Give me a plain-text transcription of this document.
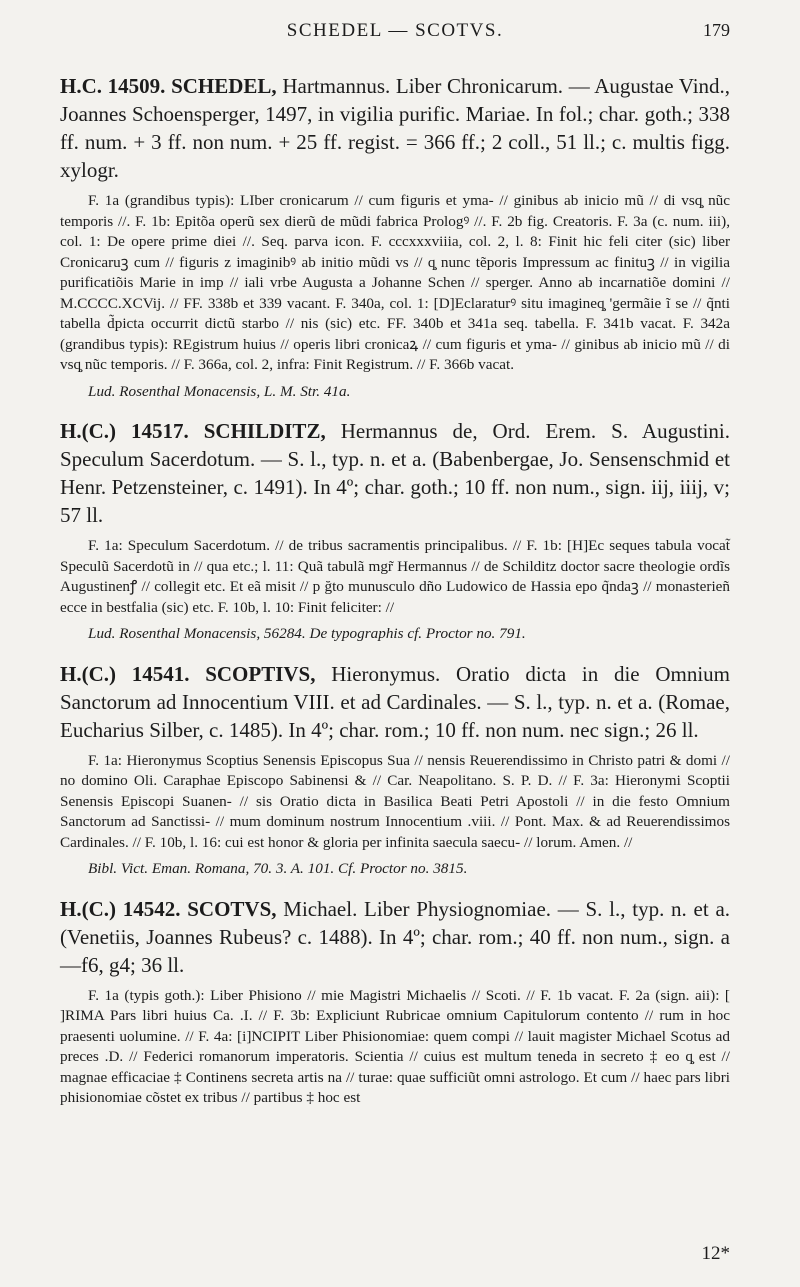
SCHEDEL — SCOTVS.	179

H.C. 14509. SCHEDEL, Hartmannus. Liber Chronicarum. — Augustae Vind., Joannes Schoensperger, 1497, in vigilia purific. Mariae. In fol.; char. goth.; 338 ff. num. + 3 ff. non num. + 25 ff. regist. = 366 ff.; 2 coll., 51 ll.; c. multis figg. xylogr.

F. 1a (grandibus typis): LIber cronicarum // cum figuris et yma- // ginibus ab inicio mũ // di vsq̧ nũc temporis //. F. 1b: Epitõa operũ sex dierũ de mũdi fabrica Prologꝰ //. F. 2b fig. Creatoris. F. 3a (c. num. iii), col. 1: De opere prime diei //. Seq. parva icon. F. cccxxxviiia, col. 2, l. 8: Finit hic feli citer (sic) liber Cronicaruꝫ cum // figuris z imaginibꝰ ab initio mũdi vs // q̧ nunc tẽporis Impressum ac finituꝫ // in vigilia purificatiõis Marie in imp // iali vrbe Augusta a Johanne Schen // sperger. Anno ab incarnatiõe domini // M.CCCC.XCVij. // FF. 338b et 339 vacant. F. 340a, col. 1: [D]Eclaraturꝰ situ imagineq̧ 'germãie ĩ se // q̃nti tabella d̃picta occurrit dictũ starbo // nis (sic) etc. FF. 340b et 341a seq. tabella. F. 341b vacat. F. 342a (grandibus typis): REgistrum huius // operis libri cronicaꝝ // cum figuris et yma- // ginibus ab inicio mũ // di vsq̧ nũc temporis. // F. 366a, col. 2, infra: Finit Registrum. // F. 366b vacat.

Lud. Rosenthal Monacensis, L. M. Str. 41a.

H.(C.) 14517. SCHILDITZ, Hermannus de, Ord. Erem. S. Augustini. Speculum Sacerdotum. — S. l., typ. n. et a. (Babenbergae, Jo. Sensenschmid et Henr. Petzensteiner, c. 1491). In 4º; char. goth.; 10 ff. non num., sign. iij, iiij, v; 57 ll.

F. 1a: Speculum Sacerdotum. // de tribus sacramentis principalibus. // F. 1b: [H]Ec seques tabula vocat̃ Speculũ Sacerdotũ in // qua etc.; l. 11: Quã tabulã mgr̃ Hermannus // de Schilditz doctor sacre theologie ordĩs Augustinenꝭ // collegit etc. Et eã misit // p ğto munusculo dño Ludowico de Hassia epo q̃ndaꝫ // monasterieñ ecce in bestfalia (sic) etc. F. 10b, l. 10: Finit feliciter: //

Lud. Rosenthal Monacensis, 56284. De typographis cf. Proctor no. 791.

H.(C.) 14541. SCOPTIVS, Hieronymus. Oratio dicta in die Omnium Sanctorum ad Innocentium VIII. et ad Cardinales. — S. l., typ. n. et a. (Romae, Eucharius Silber, c. 1485). In 4º; char. rom.; 10 ff. non num. nec sign.; 26 ll.

F. 1a: Hieronymus Scoptius Senensis Episcopus Sua // nensis Reuerendissimo in Christo patri & domi // no domino Oli. Caraphae Episcopo Sabinensi & // Car. Neapolitano. S. P. D. // F. 3a: Hieronymi Scoptii Senensis Episcopi Suanen- // sis Oratio dicta in Basilica Beati Petri Apostoli // in die festo Omnium Sanctorum ad Sanctissi- // mum dominum nostrum Innocentium .viii. // Pont. Max. & ad Reuerendissimos Cardinales. // F. 10b, l. 16: cui est honor & gloria per infinita saecula saecu- // lorum. Amen. //

Bibl. Vict. Eman. Romana, 70. 3. A. 101. Cf. Proctor no. 3815.

H.(C.) 14542. SCOTVS, Michael. Liber Physiognomiae. — S. l., typ. n. et a. (Venetiis, Joannes Rubeus? c. 1488). In 4º; char. rom.; 40 ff. non num., sign. a—f6, g4; 36 ll.

F. 1a (typis goth.): Liber Phisiono // mie Magistri Michaelis // Scoti. // F. 1b vacat. F. 2a (sign. aii): [ ]RIMA Pars libri huius Ca. .I. // F. 3b: Expliciunt Rubricae omnium Capitulorum contento // rum in hoc praesenti uolumine. // F. 4a: [i]NCIPIT Liber Phisionomiae: quem compi // lauit magister Michael Scotus ad preces .D. // Federici romanorum imperatoris. Scientia // cuius est multum teneda in secreto ‡ eo q̧ est // magnae efficaciae ‡ Continens secreta artis na // turae: quae sufficiũt omni astrologo. Et cum // haec pars libri phisionomiae cõstet ex tribus // partibus ‡ hoc est

12*
